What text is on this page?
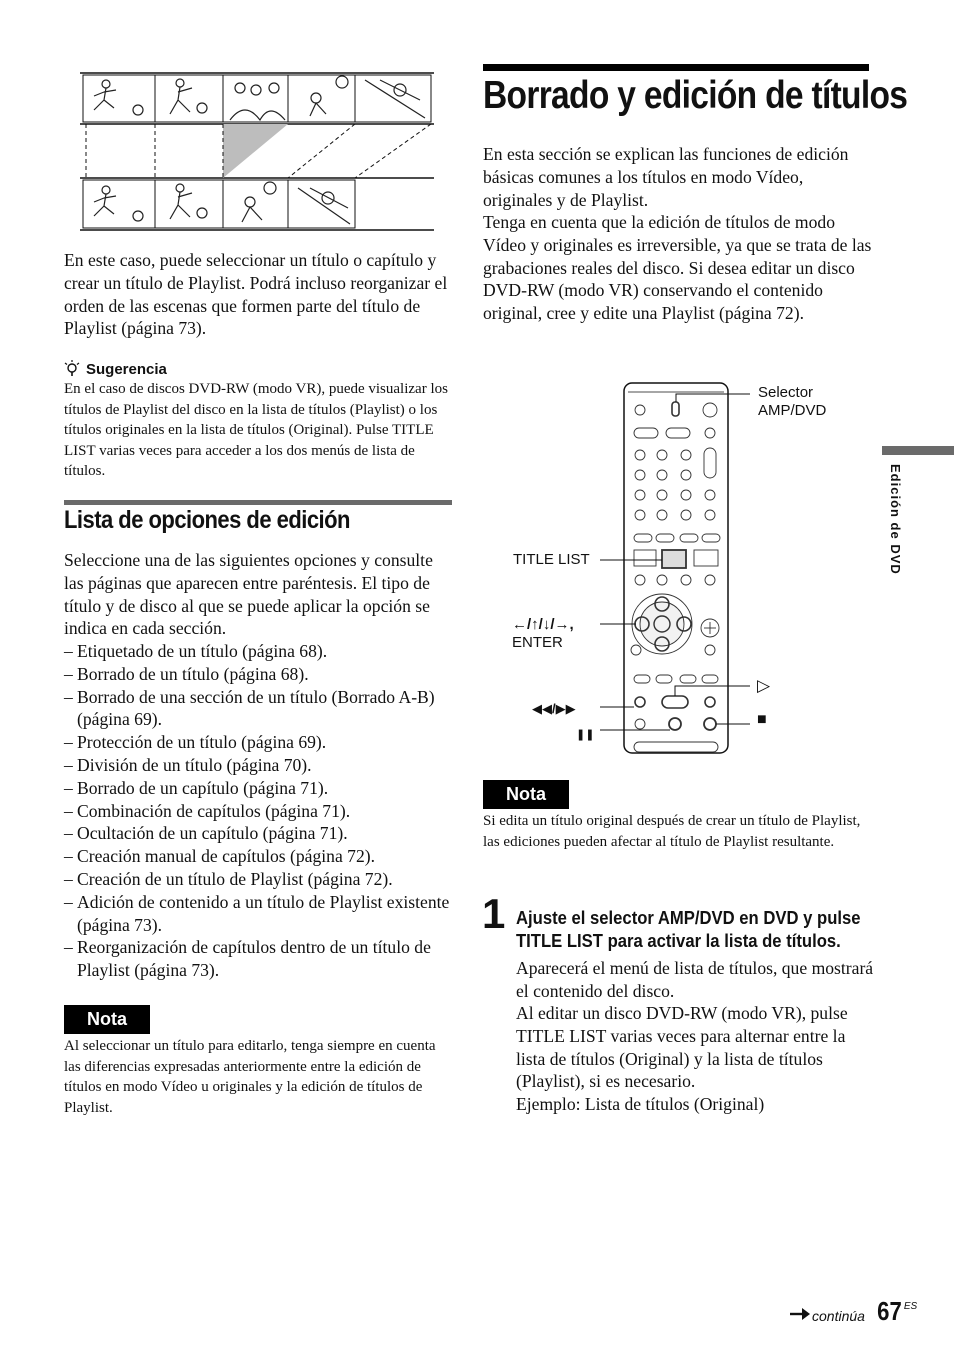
En este caso, puede seleccionar un título o capítulo y crear un título de Playlist. Podrá incluso reorganizar el orden de las escenas que formen parte del título de Playlist (página 73).
Sugerencia
En el caso de discos DVD-RW (modo VR), puede visualizar los títulos de Playlist del disco en la lista de títulos (Playlist) o los títulos originales en la lista de títulos (Original). Pulse TITLE LIST varias veces para acceder a los dos menús de lista de títulos.
Lista de opciones de edición
Seleccione una de las siguientes opciones y consulte las páginas que aparecen entre paréntesis. El tipo de título y de disco al que se puede aplicar la opción se indica en cada sección.
– Etiquetado de un título (página 68).
– Borrado de un título (página 68).
– Borrado de una sección de un título (Borrado A-B) (página 69).
– Protección de un título (página 69).
– División de un título (página 70).
– Borrado de un capítulo (página 71).
– Combinación de capítulos (página 71).
– Ocultación de un capítulo (página 71).
– Creación manual de capítulos (página 72).
– Creación de un título de Playlist (página 72).
– Adición de contenido a un título de Playlist existente (página 73).
– Reorganización de capítulos dentro de un título de Playlist (página 73).
Nota
Al seleccionar un título para editarlo, tenga siempre en cuenta las diferencias expresadas anteriormente entre la edición de títulos en modo Vídeo u originales y la edición de títulos de Playlist.
Borrado y edición de títulos
En esta sección se explican las funciones de edición básicas comunes a los títulos en modo Vídeo, originales y de Playlist.
Tenga en cuenta que la edición de títulos de modo Vídeo y originales es irreversible, ya que se trata de las grabaciones reales del disco. Si desea editar un disco DVD-RW (modo VR) conservando el contenido original, cree y edite una Playlist (página 72).
Selector
AMP/DVD
TITLE LIST
←/↑/↓/→,
ENTER
▷
◀◀/▶▶
■
❚❚
Nota
Si edita un título original después de crear un título de Playlist, las ediciones pueden afectar al título de Playlist resultante.
1 Ajuste el selector AMP/DVD en DVD y pulse TITLE LIST para activar la lista de títulos.
Aparecerá el menú de lista de títulos, que mostrará el contenido del disco.
Al editar un disco DVD-RW (modo VR), pulse TITLE LIST varias veces para alternar entre la lista de títulos (Original) y la lista de títulos (Playlist), si es necesario.
Ejemplo: Lista de títulos (Original)
Edición de DVD
continúa 67 ES
